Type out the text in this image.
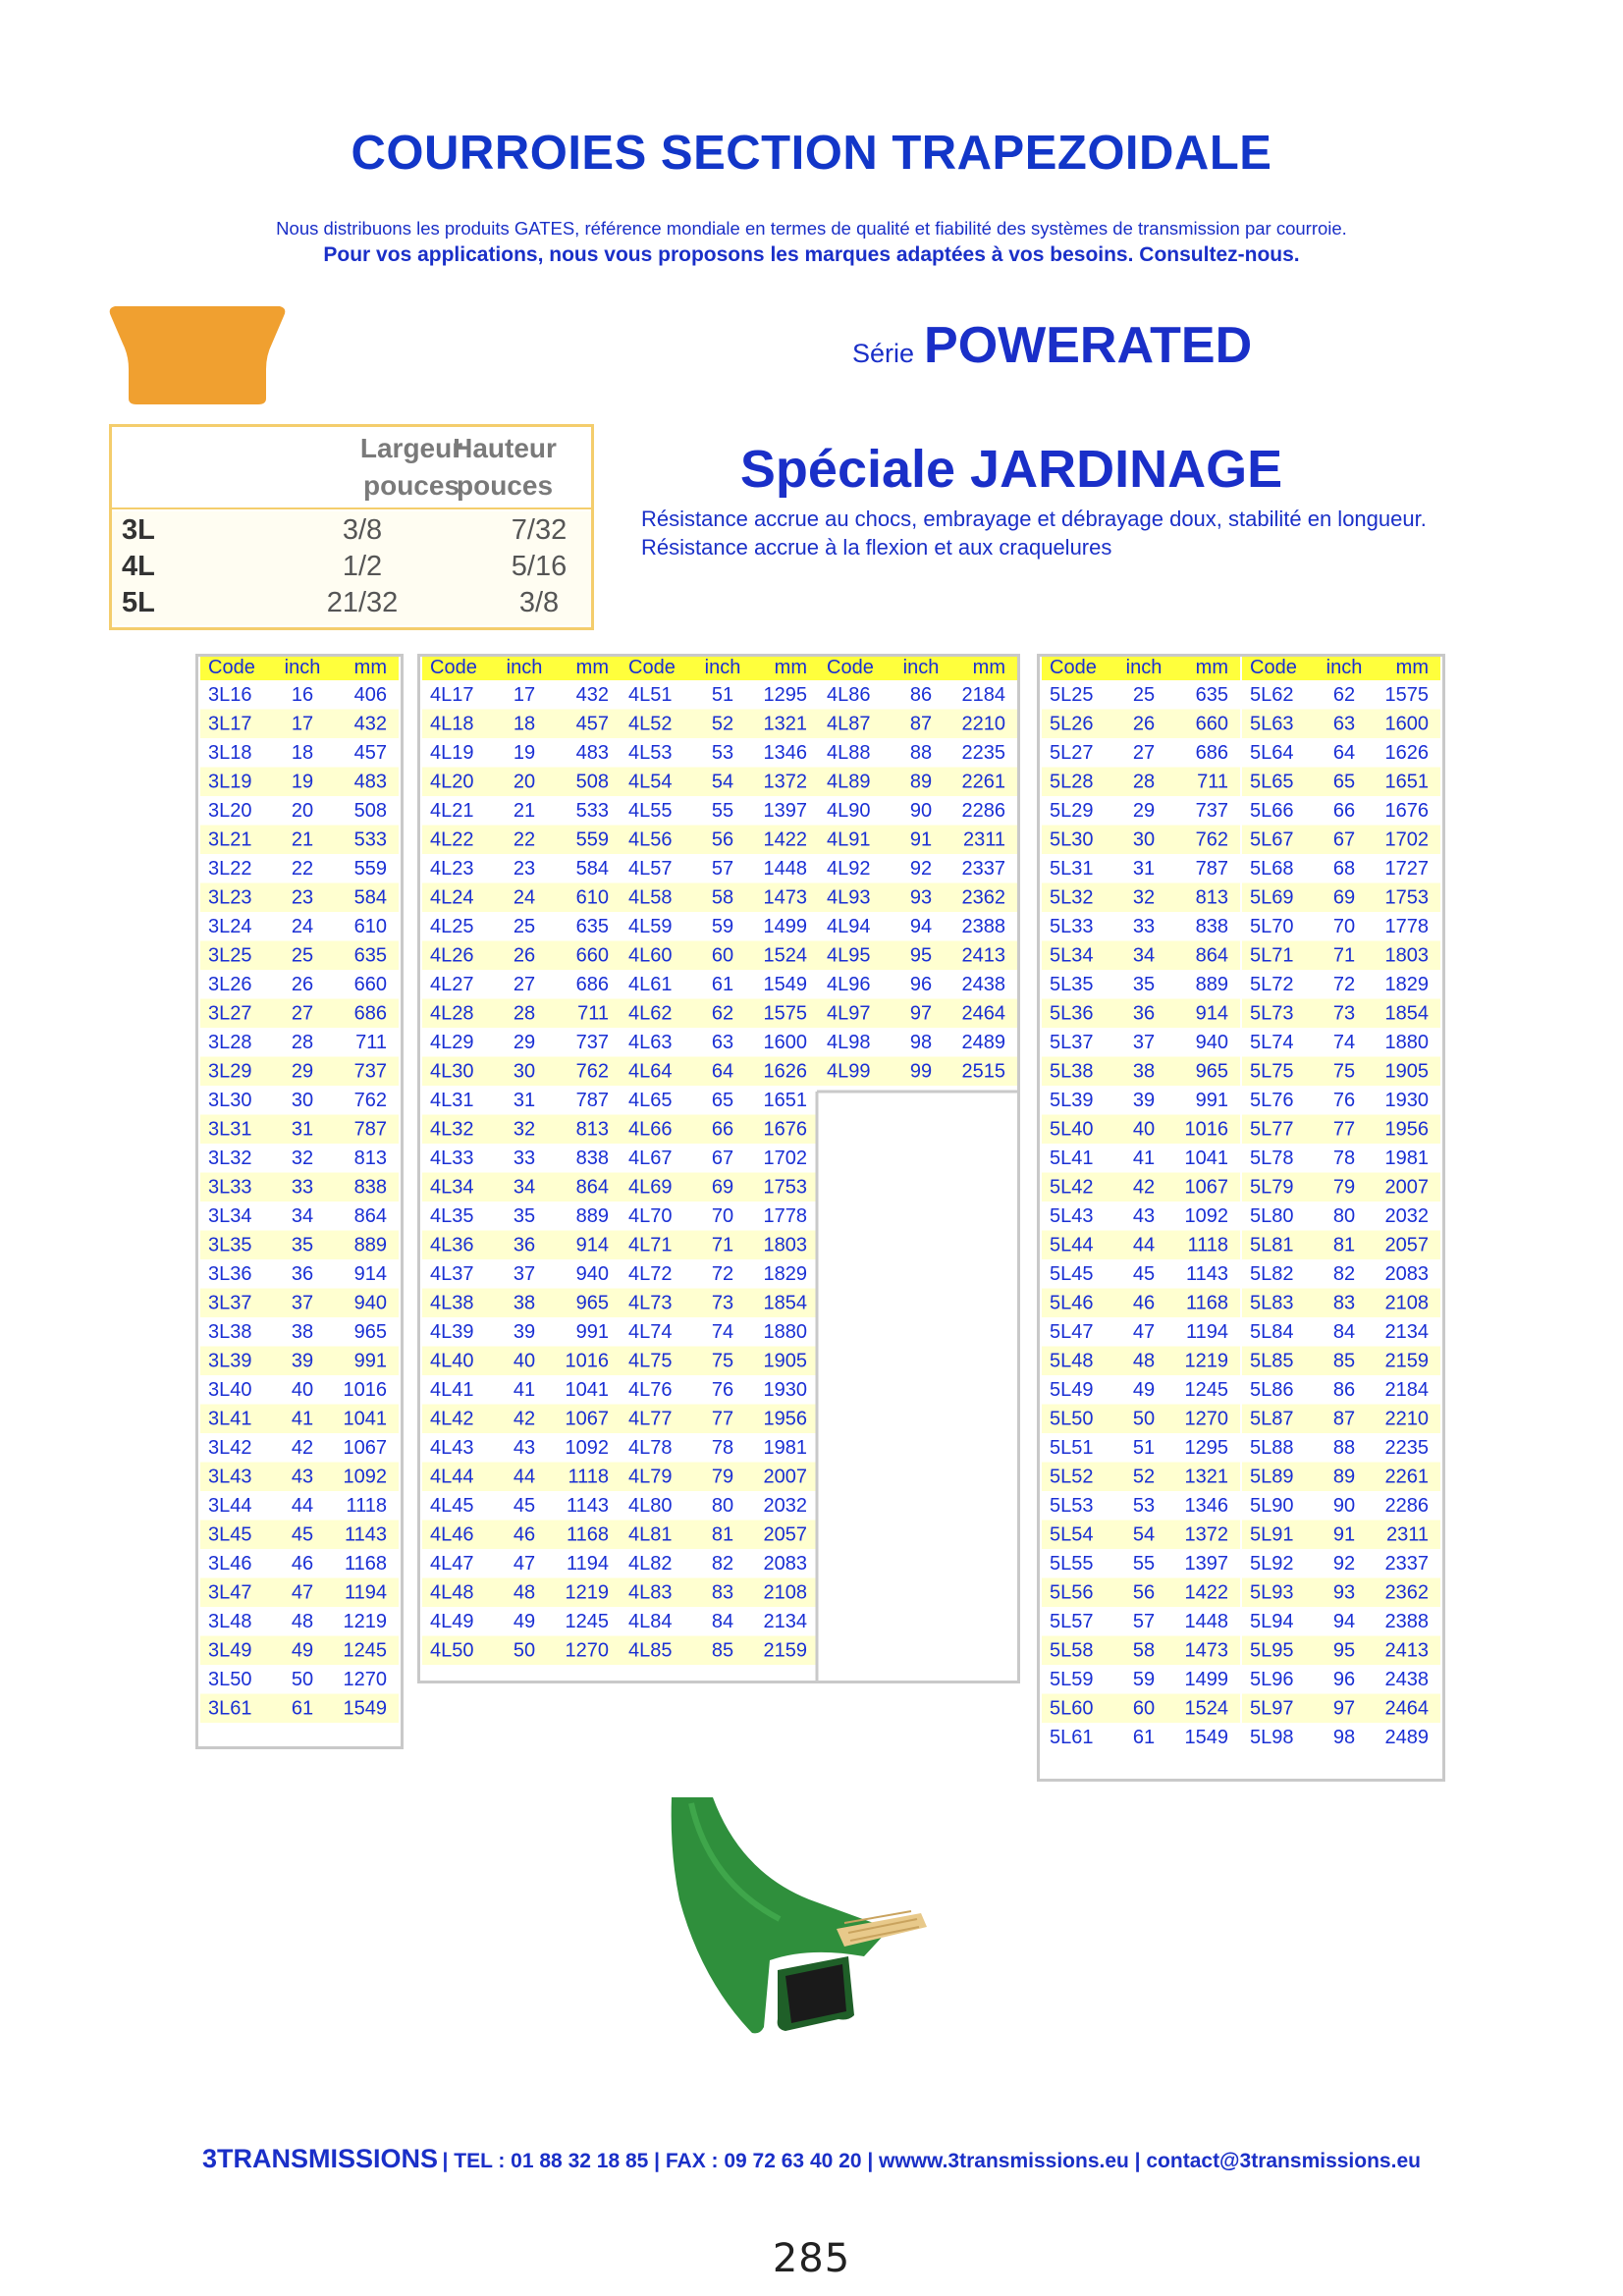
COURROIES SECTION TRAPEZOIDALE
Nous distribuons les produits GATES, référence mondiale en termes de qualité et fiabilité des systèmes de transmission par courroie.
Pour vos applications, nous vous proposons les marques adaptées à vos besoins. Consultez-nous.
Série POWERATED
Largeur
pouces
Hauteur
pouces
3L	3/8	7/32
4L	1/2	5/16
5L	21/32	3/8
Spéciale JARDINAGE
Résistance accrue au chocs, embrayage et débrayage doux, stabilité en longueur.
Résistance accrue à la flexion et aux craquelures
Code inch mm
3L16 16 406
3L17 17 432
3L18 18 457
3L19 19 483
3L20 20 508
3L21 21 533
3L22 22 559
3L23 23 584
3L24 24 610
3L25 25 635
3L26 26 660
3L27 27 686
3L28 28 711
3L29 29 737
3L30 30 762
3L31 31 787
3L32 32 813
3L33 33 838
3L34 34 864
3L35 35 889
3L36 36 914
3L37 37 940
3L38 38 965
3L39 39 991
3L40 40 1016
3L41 41 1041
3L42 42 1067
3L43 43 1092
3L44 44 1118
3L45 45 1143
3L46 46 1168
3L47 47 1194
3L48 48 1219
3L49 49 1245
3L50 50 1270
3L61 61 1549
Code inch mm
4L17 17 432
4L18 18 457
4L19 19 483
4L20 20 508
4L21 21 533
4L22 22 559
4L23 23 584
4L24 24 610
4L25 25 635
4L26 26 660
4L27 27 686
4L28 28 711
4L29 29 737
4L30 30 762
4L31 31 787
4L32 32 813
4L33 33 838
4L34 34 864
4L35 35 889
4L36 36 914
4L37 37 940
4L38 38 965
4L39 39 991
4L40 40 1016
4L41 41 1041
4L42 42 1067
4L43 43 1092
4L44 44 1118
4L45 45 1143
4L46 46 1168
4L47 47 1194
4L48 48 1219
4L49 49 1245
4L50 50 1270
Code inch mm
4L51 51 1295
4L52 52 1321
4L53 53 1346
4L54 54 1372
4L55 55 1397
4L56 56 1422
4L57 57 1448
4L58 58 1473
4L59 59 1499
4L60 60 1524
4L61 61 1549
4L62 62 1575
4L63 63 1600
4L64 64 1626
4L65 65 1651
4L66 66 1676
4L67 67 1702
4L69 69 1753
4L70 70 1778
4L71 71 1803
4L72 72 1829
4L73 73 1854
4L74 74 1880
4L75 75 1905
4L76 76 1930
4L77 77 1956
4L78 78 1981
4L79 79 2007
4L80 80 2032
4L81 81 2057
4L82 82 2083
4L83 83 2108
4L84 84 2134
4L85 85 2159
Code inch mm
4L86 86 2184
4L87 87 2210
4L88 88 2235
4L89 89 2261
4L90 90 2286
4L91 91 2311
4L92 92 2337
4L93 93 2362
4L94 94 2388
4L95 95 2413
4L96 96 2438
4L97 97 2464
4L98 98 2489
4L99 99 2515
Code inch mm
5L25 25 635
5L26 26 660
5L27 27 686
5L28 28 711
5L29 29 737
5L30 30 762
5L31 31 787
5L32 32 813
5L33 33 838
5L34 34 864
5L35 35 889
5L36 36 914
5L37 37 940
5L38 38 965
5L39 39 991
5L40 40 1016
5L41 41 1041
5L42 42 1067
5L43 43 1092
5L44 44 1118
5L45 45 1143
5L46 46 1168
5L47 47 1194
5L48 48 1219
5L49 49 1245
5L50 50 1270
5L51 51 1295
5L52 52 1321
5L53 53 1346
5L54 54 1372
5L55 55 1397
5L56 56 1422
5L57 57 1448
5L58 58 1473
5L59 59 1499
5L60 60 1524
5L61 61 1549
Code inch mm
5L62 62 1575
5L63 63 1600
5L64 64 1626
5L65 65 1651
5L66 66 1676
5L67 67 1702
5L68 68 1727
5L69 69 1753
5L70 70 1778
5L71 71 1803
5L72 72 1829
5L73 73 1854
5L74 74 1880
5L75 75 1905
5L76 76 1930
5L77 77 1956
5L78 78 1981
5L79 79 2007
5L80 80 2032
5L81 81 2057
5L82 82 2083
5L83 83 2108
5L84 84 2134
5L85 85 2159
5L86 86 2184
5L87 87 2210
5L88 88 2235
5L89 89 2261
5L90 90 2286
5L91 91 2311
5L92 92 2337
5L93 93 2362
5L94 94 2388
5L95 95 2413
5L96 96 2438
5L97 97 2464
5L98 98 2489
3TRANSMISSIONS | TEL : 01 88 32 18 85 | FAX : 09 72 63 40 20 | wwww.3transmissions.eu | contact@3transmissions.eu
285
